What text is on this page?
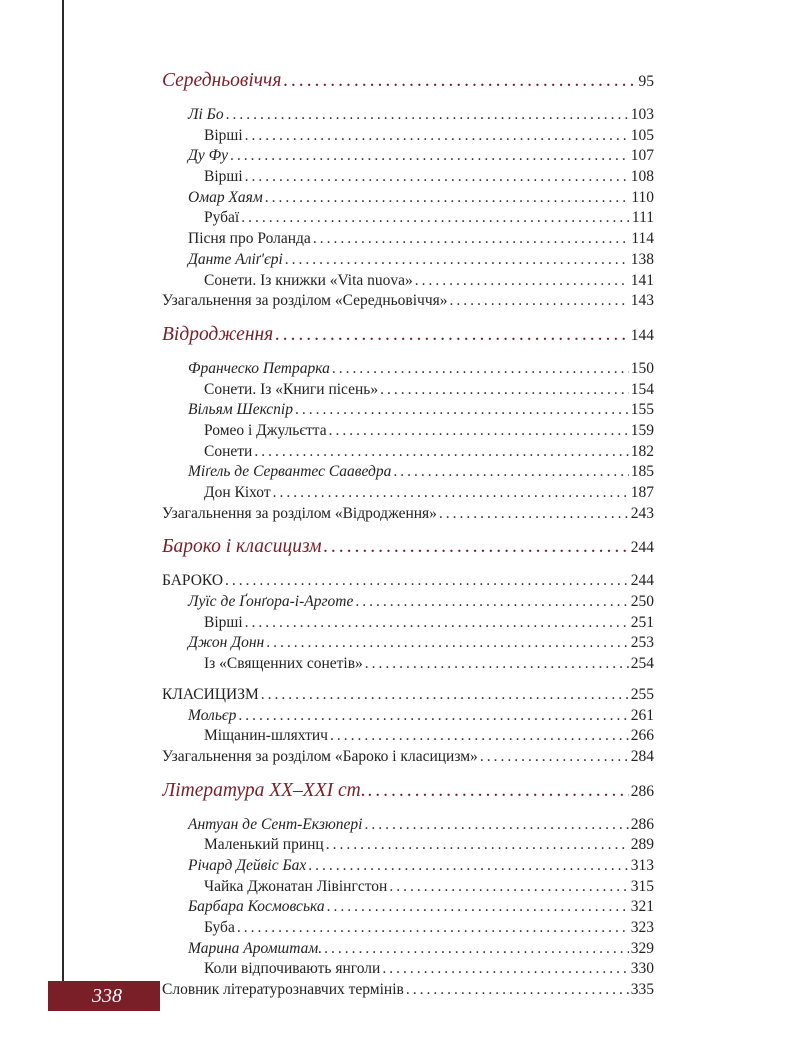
Середньовіччя .....	95
Лі Бо .....	103
Вірші .....	105
Ду Фу .....	107
Вірші .....	108
Омар Хаям .....	110
Рубаї .....	111
Пісня про Роланда .....	114
Данте Аліґ'єрі .....	138
Сонети. Із книжки «Vita nuova» .....	141
Узагальнення за розділом «Середньовіччя» .....	143
Відродження .....	144
Франческо Петрарка .....	150
Сонети. Із «Книги пісень» .....	154
Вільям Шекспір .....	155
Ромео і Джульєтта .....	159
Сонети .....	182
Міґель де Сервантес Сааведра .....	185
Дон Кіхот .....	187
Узагальнення за розділом «Відродження» .....	243
Бароко і класицизм .....	244
БАРОКО .....	244
Луїс де Ґонґора-і-Арготе .....	250
Вірші .....	251
Джон Донн .....	253
Із «Священних сонетів» .....	254
КЛАСИЦИЗМ .....	255
Мольєр .....	261
Міщанин-шляхтич .....	266
Узагальнення за розділом «Бароко і класицизм» .....	284
Література XX–XXI ст. .....	286
Антуан де Сент-Екзюпері .....	286
Маленький принц .....	289
Річард Дейвіс Бах .....	313
Чайка Джонатан Лівінгстон .....	315
Барбара Космовська .....	321
Буба .....	323
Марина Аромштам. .....	329
Коли відпочивають янголи .....	330
Словник літературознавчих термінів .....	335
338
